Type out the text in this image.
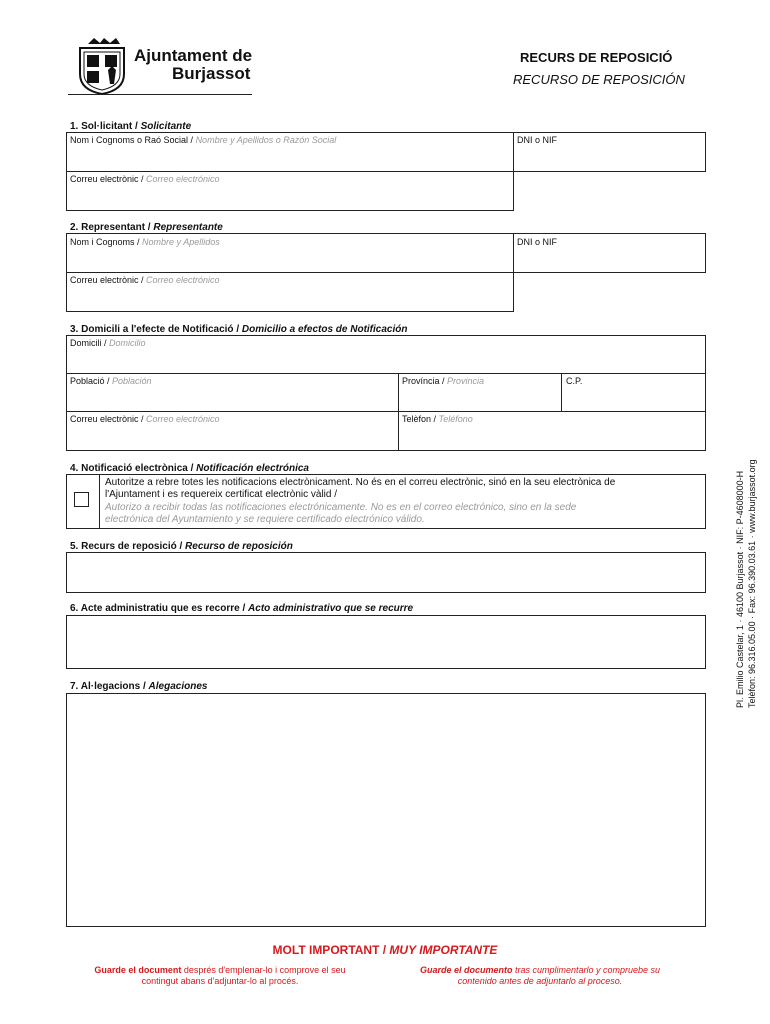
Ajuntament de
Burjassot
RECURS DE REPOSICIÓ
RECURSO DE REPOSICIÓN
1. Sol·licitant / Solicitante
Nom i Cognoms o Raó Social / Nombre y Apellidos o Razón Social	DNI o NIF
Correu electrònic / Correo electrónico
2. Representant / Representante
Nom i Cognoms / Nombre y Apellidos	DNI o NIF
Correu electrònic / Correo electrónico
3. Domicili a l'efecte de Notificació / Domicilio a efectos de Notificación
Domicili / Domicilio
Població / Población	Província / Provincia	C.P.
Correu electrònic / Correo electrónico	Telèfon / Teléfono
4. Notificació electrònica / Notificación electrónica
Autoritze a rebre totes les notificacions electrònicament. No és en el correu electrònic, sinó en la seu electrònica de
l'Ajuntament i es requereix certificat electrònic vàlid /
Autorizo a recibir todas las notificaciones electrónicamente. No es en el correo electrónico, sino en la sede
electrónica del Ayuntamiento y se requiere certificado electrónico válido.
5. Recurs de reposició / Recurso de reposición
6. Acte administratiu que es recorre / Acto administrativo que se recurre
7. Al·legacions / Alegaciones
MOLT IMPORTANT / MUY IMPORTANTE
Guarde el document després d'emplenar-lo i comprove el seu
contingut abans d'adjuntar-lo al procés.
Guarde el documento tras cumplimentarlo y compruebe su
contenido antes de adjuntarlo al proceso.
Pl. Emilio Castelar, 1 · 46100 Burjassot · NIF: P-4608000-H Telèfon: 96.316.05.00 · Fax: 96.390.03.61 · www.burjassot.org
